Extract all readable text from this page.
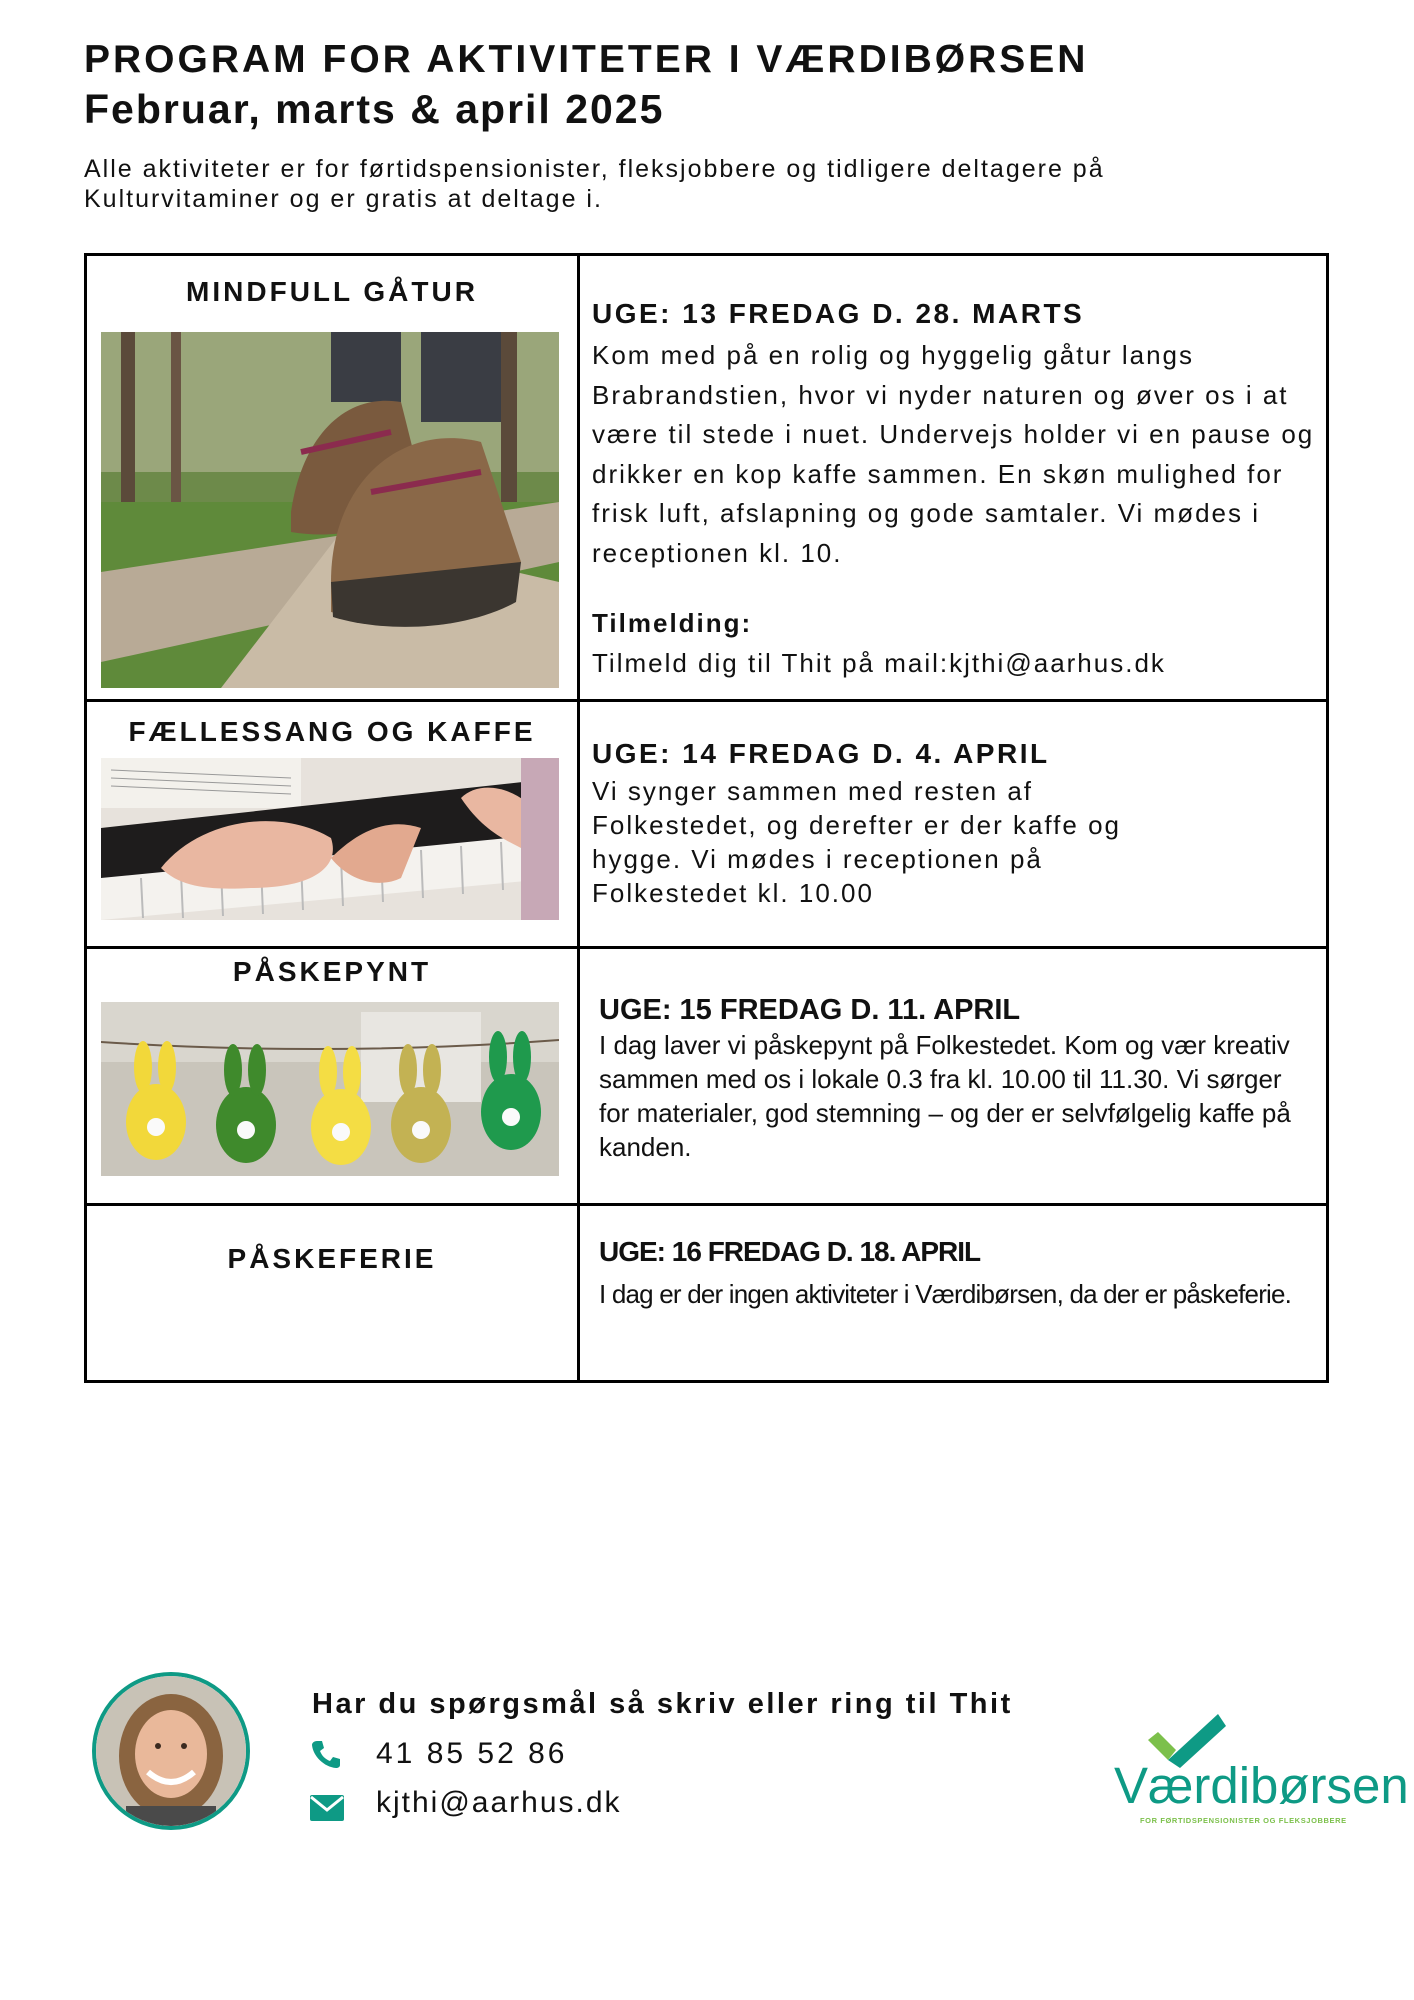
PROGRAM FOR AKTIVITETER I VÆRDIBØRSEN
Februar, marts & april 2025

Alle aktiviteter er for førtidspensionister, fleksjobbere og tidligere deltagere på Kulturvitaminer og er gratis at deltage i.

MINDFULL GÅTUR

UGE: 13 FREDAG D. 28. MARTS

Kom med på en rolig og hyggelig gåtur langs Brabrandstien, hvor vi nyder naturen og øver os i at være til stede i nuet. Undervejs holder vi en pause og drikker en kop kaffe sammen. En skøn mulighed for frisk luft, afslapning og gode samtaler. Vi mødes i receptionen kl. 10.

Tilmelding:

Tilmeld dig til Thit på mail:kjthi@aarhus.dk

FÆLLESSANG OG KAFFE

UGE: 14 FREDAG D. 4. APRIL

Vi synger sammen med resten af Folkestedet, og derefter er der kaffe og hygge. Vi mødes i receptionen på Folkestedet kl. 10.00

PÅSKEPYNT

UGE: 15 FREDAG D. 11. APRIL

I dag laver vi påskepynt på Folkestedet. Kom og vær kreativ sammen med os i lokale 0.3 fra kl. 10.00 til 11.30. Vi sørger for materialer, god stemning – og der er selvfølgelig kaffe på kanden.

PÅSKEFERIE	UGE: 16 FREDAG D. 18. APRIL

I dag er der ingen aktiviteter i Værdibørsen, da der er påskeferie.

Har du spørgsmål så skriv eller ring til Thit

41 85 52 86

kjthi@aarhus.dk	Værdibørsen

FOR FØRTIDSPENSIONISTER OG FLEKSJOBBERE
